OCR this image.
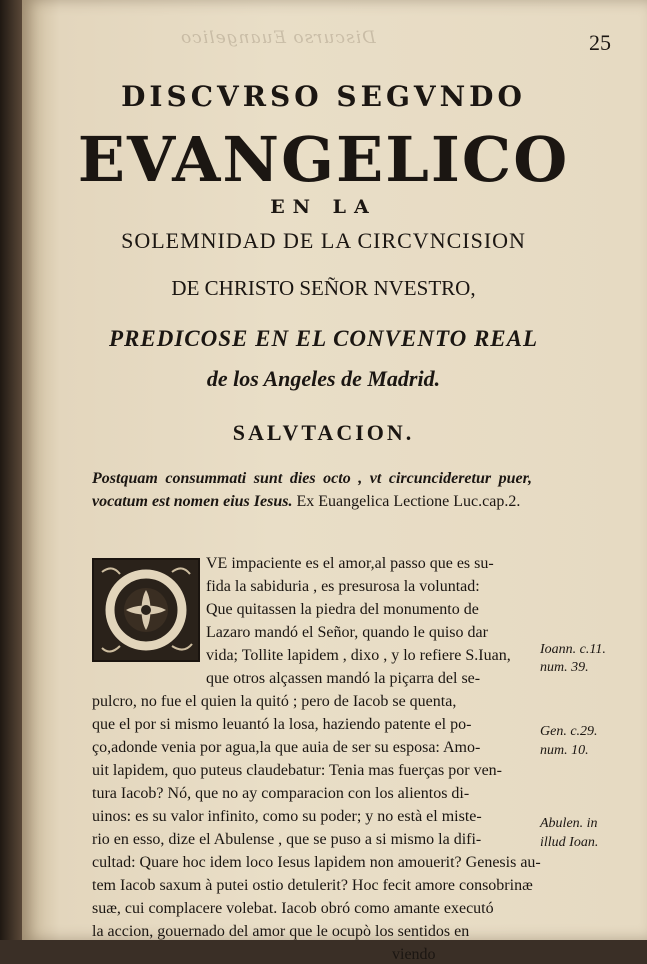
Discurso Euangelico	25
DISCVRSO SEGVNDO
EVANGELICO
EN LA
SOLEMNIDAD DE LA CIRCVNCISION
DE CHRISTO SEÑOR NVESTRO,
PREDICOSE EN EL CONVENTO REAL
de los Angeles de Madrid.
SALVTACION.
Postquam consummati sunt dies octo , vt circuncideretur puer, vocatum est nomen eius Iesus. Ex Euangelica Lectione Luc.cap.2.
VE impaciente es el amor,al passo que es su-
fida la sabiduria , es presurosa la voluntad:
Que quitassen la piedra del monumento de
Lazaro mandó el Señor, quando le quiso dar
vida; Tollite lapidem , dixo , y lo refiere S.Iuan,
que otros alçassen mandó la piçarra del se-
pulcro, no fue el quien la quitó ; pero de Iacob se quenta,
que el por si mismo leuantó la losa, haziendo patente el po-
ço,adonde venia por agua,la que auia de ser su esposa: Amo-
uit lapidem, quo puteus claudebatur: Tenia mas fuerças por ven-
tura Iacob? Nó, que no ay comparacion con los alientos di-
uinos: es su valor infinito, como su poder; y no està el miste-
rio en esso, dize el Abulense , que se puso a si mismo la difi-
cultad: Quare hoc idem loco Iesus lapidem non amouerit? Genesis au-
tem Iacob saxum à putei ostio detulerit? Hoc fecit amore consobrinæ
suæ, cui complacere volebat. Iacob obró como amante executó
la accion, gouernado del amor que le ocupò los sentidos en
viendo
Ioann. c.11.
num. 39.
Gen. c.29.
num. 10.
Abulen. in
illud Ioan.
